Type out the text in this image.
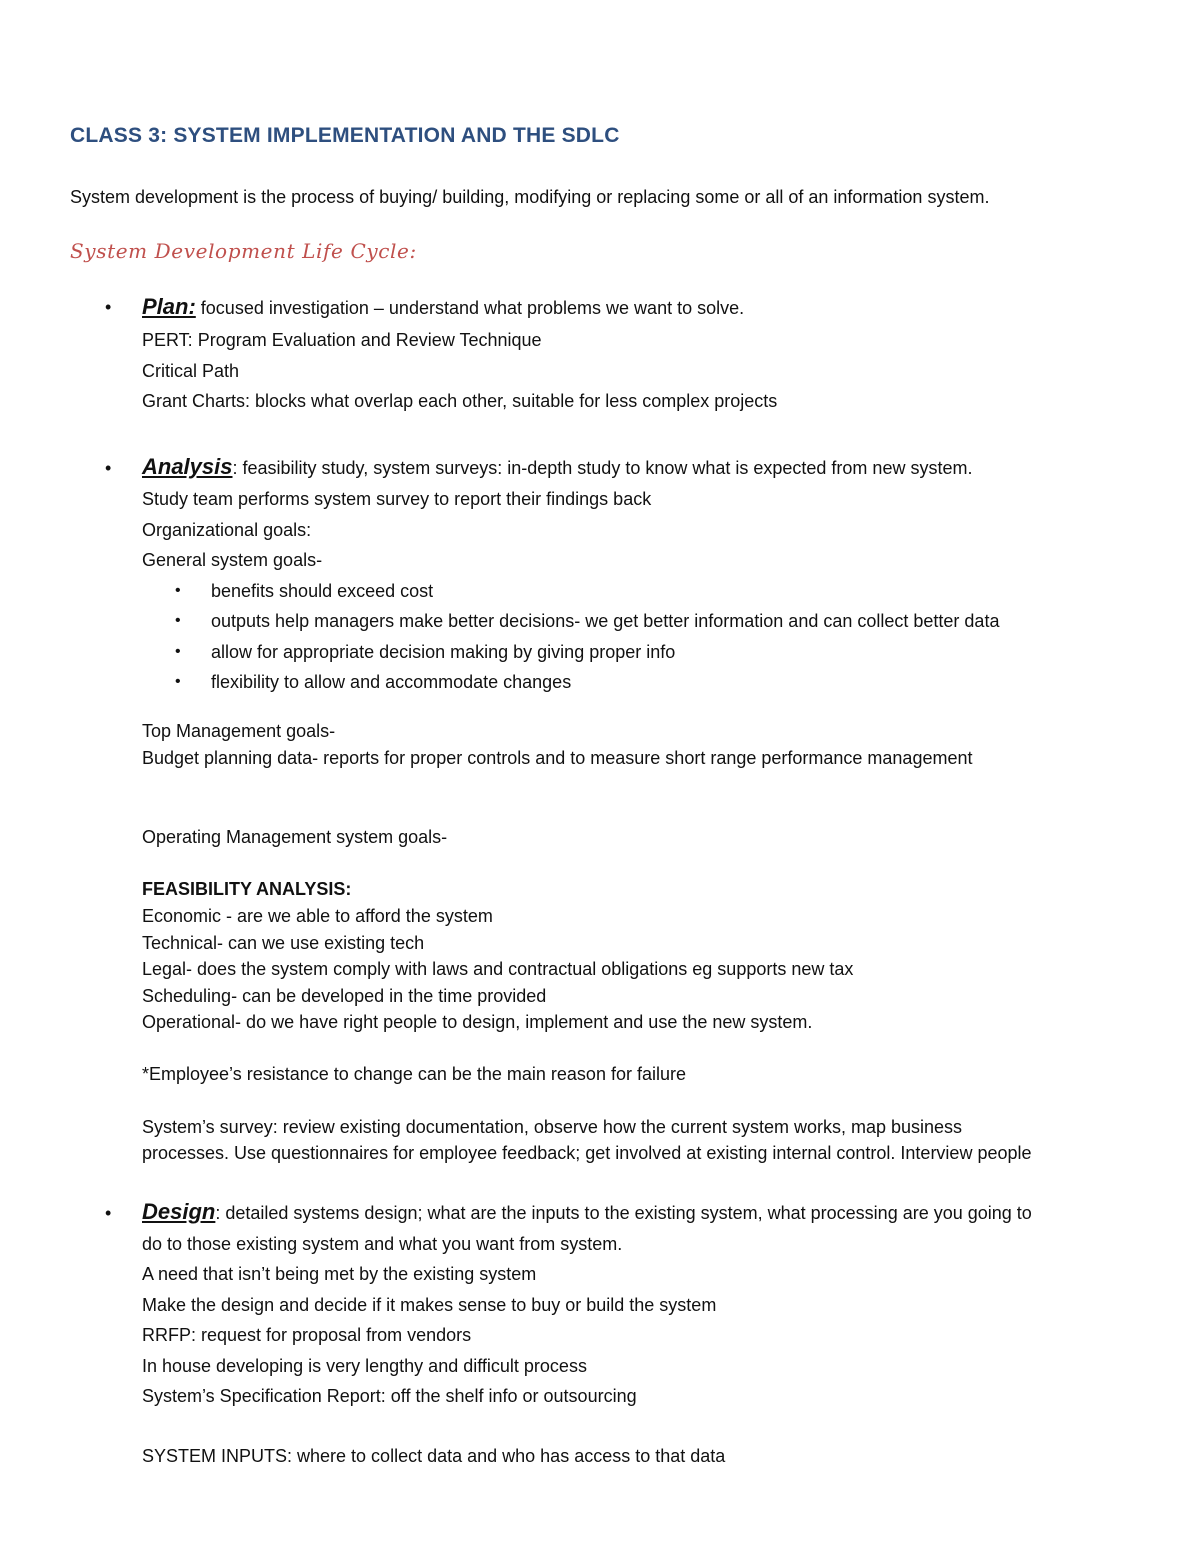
CLASS 3: SYSTEM IMPLEMENTATION AND THE SDLC

System development is the process of buying/ building, modifying or replacing some or all of an information system.

System Development Life Cycle:

• Plan: focused investigation – understand what problems we want to solve.

PERT: Program Evaluation and Review Technique

Critical Path

Grant Charts: blocks what overlap each other, suitable for less complex projects

• Analysis: feasibility study, system surveys: in-depth study to know what is expected from new system.

Study team performs system survey to report their findings back

Organizational goals:

General system goals-

• benefits should exceed cost

• outputs help managers make better decisions- we get better information and can collect better data

• allow for appropriate decision making by giving proper info

• flexibility to allow and accommodate changes

Top Management goals-

Budget planning data- reports for proper controls and to measure short range performance management

Operating Management system goals-

FEASIBILITY ANALYSIS:

Economic - are we able to afford the system

Technical- can we use existing tech

Legal- does the system comply with laws and contractual obligations eg supports new tax

Scheduling- can be developed in the time provided

Operational- do we have right people to design, implement and use the new system.

*Employee’s resistance to change can be the main reason for failure

System’s survey: review existing documentation, observe how the current system works, map business

processes. Use questionnaires for employee feedback; get involved at existing internal control. Interview people

• Design: detailed systems design; what are the inputs to the existing system, what processing are you going to

do to those existing system and what you want from system.

A need that isn’t being met by the existing system

Make the design and decide if it makes sense to buy or build the system

RRFP: request for proposal from vendors

In house developing is very lengthy and difficult process

System’s Specification Report: off the shelf info or outsourcing

SYSTEM INPUTS: where to collect data and who has access to that data
